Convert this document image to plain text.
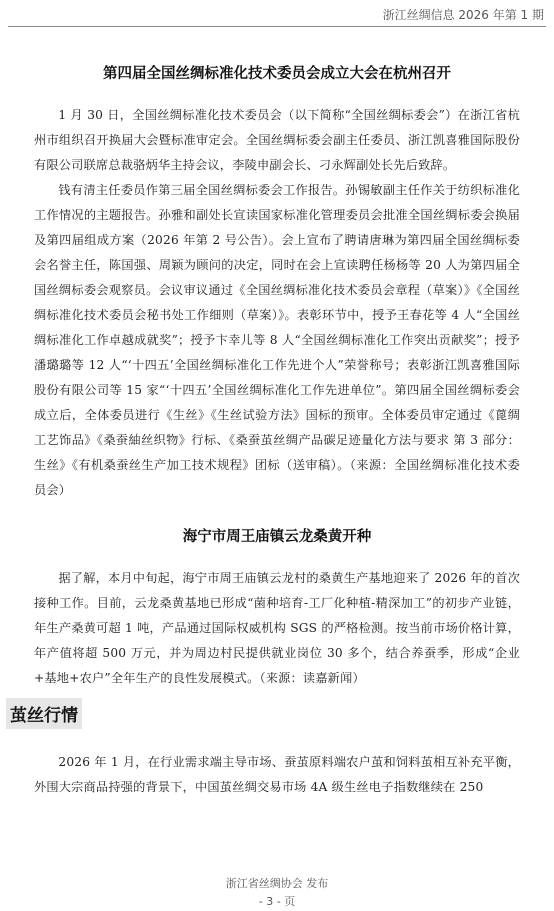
浙江丝绸信息 2026 年第 1 期
第四届全国丝绸标准化技术委员会成立大会在杭州召开

1 月 30 日，全国丝绸标准化技术委员会（以下简称“全国丝绸标委会”）在浙江省杭州市组织召开换届大会暨标准审定会。全国丝绸标委会副主任委员、浙江凯喜雅国际股份有限公司联席总裁骆炳华主持会议，李陵申副会长、刁永辉副处长先后致辞。

钱有清主任委员作第三届全国丝绸标委会工作报告。孙锡敏副主任作关于纺织标准化工作情况的主题报告。孙雅和副处长宣读国家标准化管理委员会批准全国丝绸标委会换届及第四届组成方案（2026 年第 2 号公告）。会上宣布了聘请唐琳为第四届全国丝绸标委会名誉主任，陈国强、周颖为顾问的决定，同时在会上宣读聘任杨杨等 20 人为第四届全国丝绸标委会观察员。会议审议通过《全国丝绸标准化技术委员会章程（草案）》《全国丝绸标准化技术委员会秘书处工作细则（草案）》。表彰环节中，授予王春花等 4 人“全国丝绸标准化工作卓越成就奖”；授予卞幸儿等 8 人“全国丝绸标准化工作突出贡献奖”；授予潘璐璐等 12 人“‘十四五’全国丝绸标准化工作先进个人”荣誉称号；表彰浙江凯喜雅国际股份有限公司等 15 家“‘十四五’全国丝绸标准化工作先进单位”。第四届全国丝绸标委会成立后，全体委员进行《生丝》《生丝试验方法》国标的预审。全体委员审定通过《蓖绸工艺饰品》《桑蚕紬丝织物》行标、《桑蚕茧丝绸产品碳足迹量化方法与要求 第 3 部分：生丝》《有机桑蚕丝生产加工技术规程》团标（送审稿）。（来源：全国丝绸标准化技术委员会）

海宁市周王庙镇云龙桑黄开种

据了解，本月中旬起，海宁市周王庙镇云龙村的桑黄生产基地迎来了 2026 年的首次接种工作。目前，云龙桑黄基地已形成“菌种培育-工厂化种植-精深加工”的初步产业链，年生产桑黄可超 1 吨，产品通过国际权威机构 SGS 的严格检测。按当前市场价格计算，年产值将超 500 万元，并为周边村民提供就业岗位 30 多个，结合养蚕季，形成“企业+基地+农户”全年生产的良性发展模式。（来源：读嘉新闻）

茧丝行情

2026 年 1 月，在行业需求端主导市场、蚕茧原料端农户茧和饲料茧相互补充平衡，外围大宗商品持强的背景下，中国茧丝绸交易市场 4A 级生丝电子指数继续在 250

浙江省丝绸协会 发布
- 3 - 页
